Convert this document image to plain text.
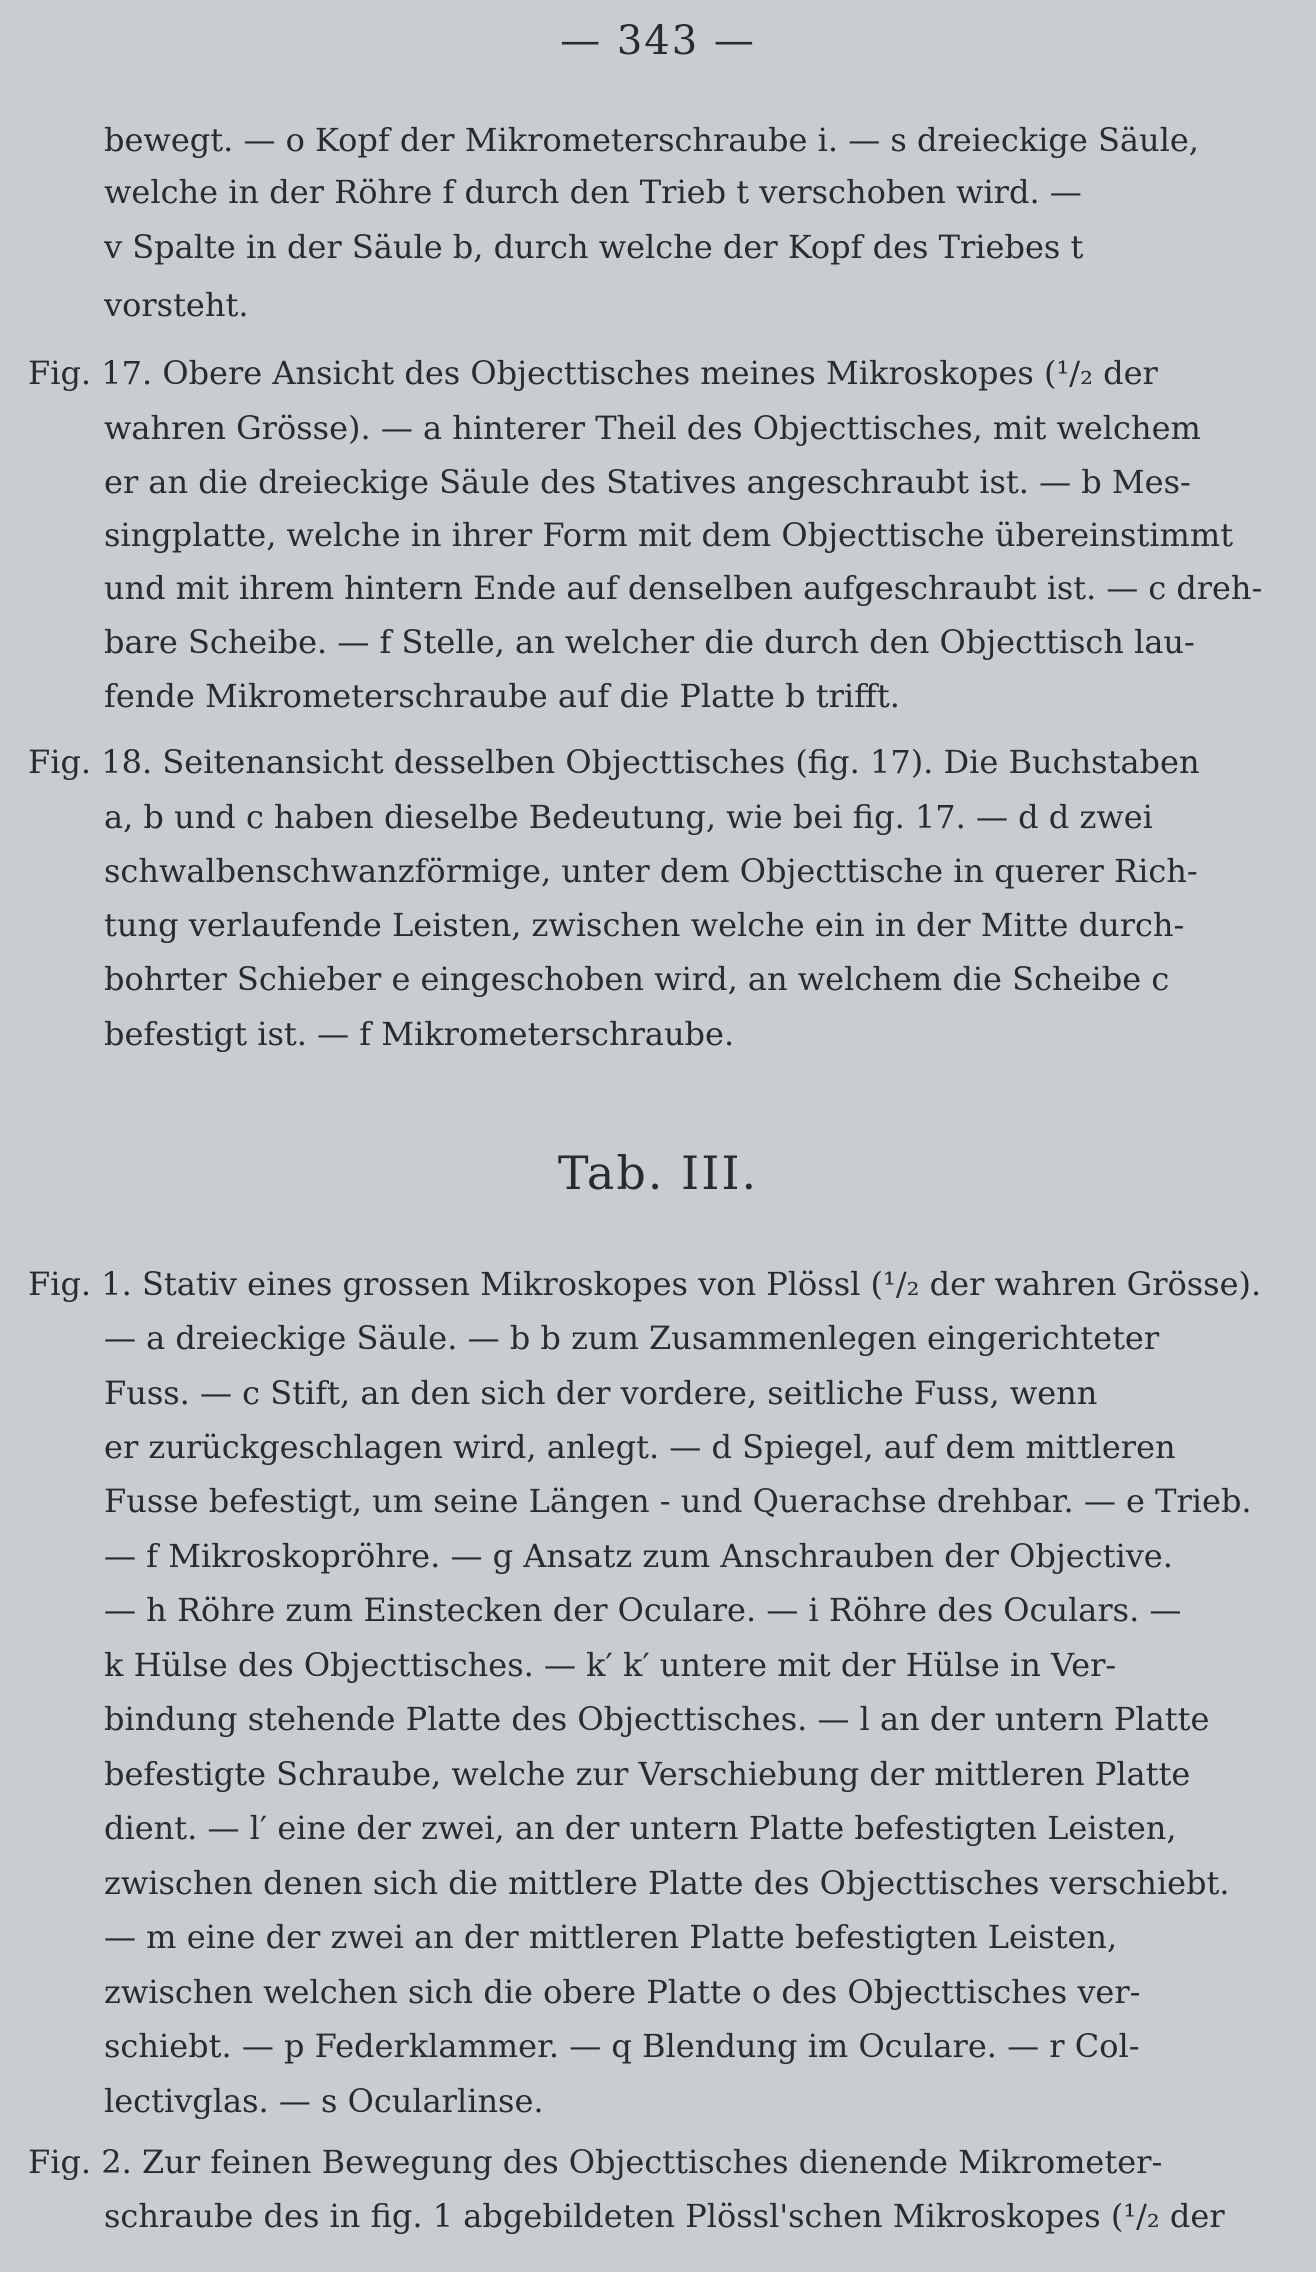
— 343 —
bewegt. — o Kopf der Mikrometerschraube i. — s dreieckige Säule,
welche in der Röhre f durch den Trieb t verschoben wird. —
v Spalte in der Säule b, durch welche der Kopf des Triebes t
vorsteht.
Fig. 17. Obere Ansicht des Objecttisches meines Mikroskopes (¹/₂ der
wahren Grösse). — a hinterer Theil des Objecttisches, mit welchem
er an die dreieckige Säule des Statives angeschraubt ist. — b Mes-
singplatte, welche in ihrer Form mit dem Objecttische übereinstimmt
und mit ihrem hintern Ende auf denselben aufgeschraubt ist. — c dreh-
bare Scheibe. — f Stelle, an welcher die durch den Objecttisch lau-
fende Mikrometerschraube auf die Platte b trifft.
Fig. 18. Seitenansicht desselben Objecttisches (fig. 17). Die Buchstaben
a, b und c haben dieselbe Bedeutung, wie bei fig. 17. — d d zwei
schwalbenschwanzförmige, unter dem Objecttische in querer Rich-
tung verlaufende Leisten, zwischen welche ein in der Mitte durch-
bohrter Schieber e eingeschoben wird, an welchem die Scheibe c
befestigt ist. — f Mikrometerschraube.
Tab. III.
Fig. 1. Stativ eines grossen Mikroskopes von Plössl (¹/₂ der wahren Grösse).
— a dreieckige Säule. — b b zum Zusammenlegen eingerichteter
Fuss. — c Stift, an den sich der vordere, seitliche Fuss, wenn
er zurückgeschlagen wird, anlegt. — d Spiegel, auf dem mittleren
Fusse befestigt, um seine Längen - und Querachse drehbar. — e Trieb.
— f Mikroskopröhre. — g Ansatz zum Anschrauben der Objective.
— h Röhre zum Einstecken der Oculare. — i Röhre des Oculars. —
k Hülse des Objecttisches. — k′ k′ untere mit der Hülse in Ver-
bindung stehende Platte des Objecttisches. — l an der untern Platte
befestigte Schraube, welche zur Verschiebung der mittleren Platte
dient. — l′ eine der zwei, an der untern Platte befestigten Leisten,
zwischen denen sich die mittlere Platte des Objecttisches verschiebt.
— m eine der zwei an der mittleren Platte befestigten Leisten,
zwischen welchen sich die obere Platte o des Objecttisches ver-
schiebt. — p Federklammer. — q Blendung im Oculare. — r Col-
lectivglas. — s Ocularlinse.
Fig. 2. Zur feinen Bewegung des Objecttisches dienende Mikrometer-
schraube des in fig. 1 abgebildeten Plössl'schen Mikroskopes (¹/₂ der
